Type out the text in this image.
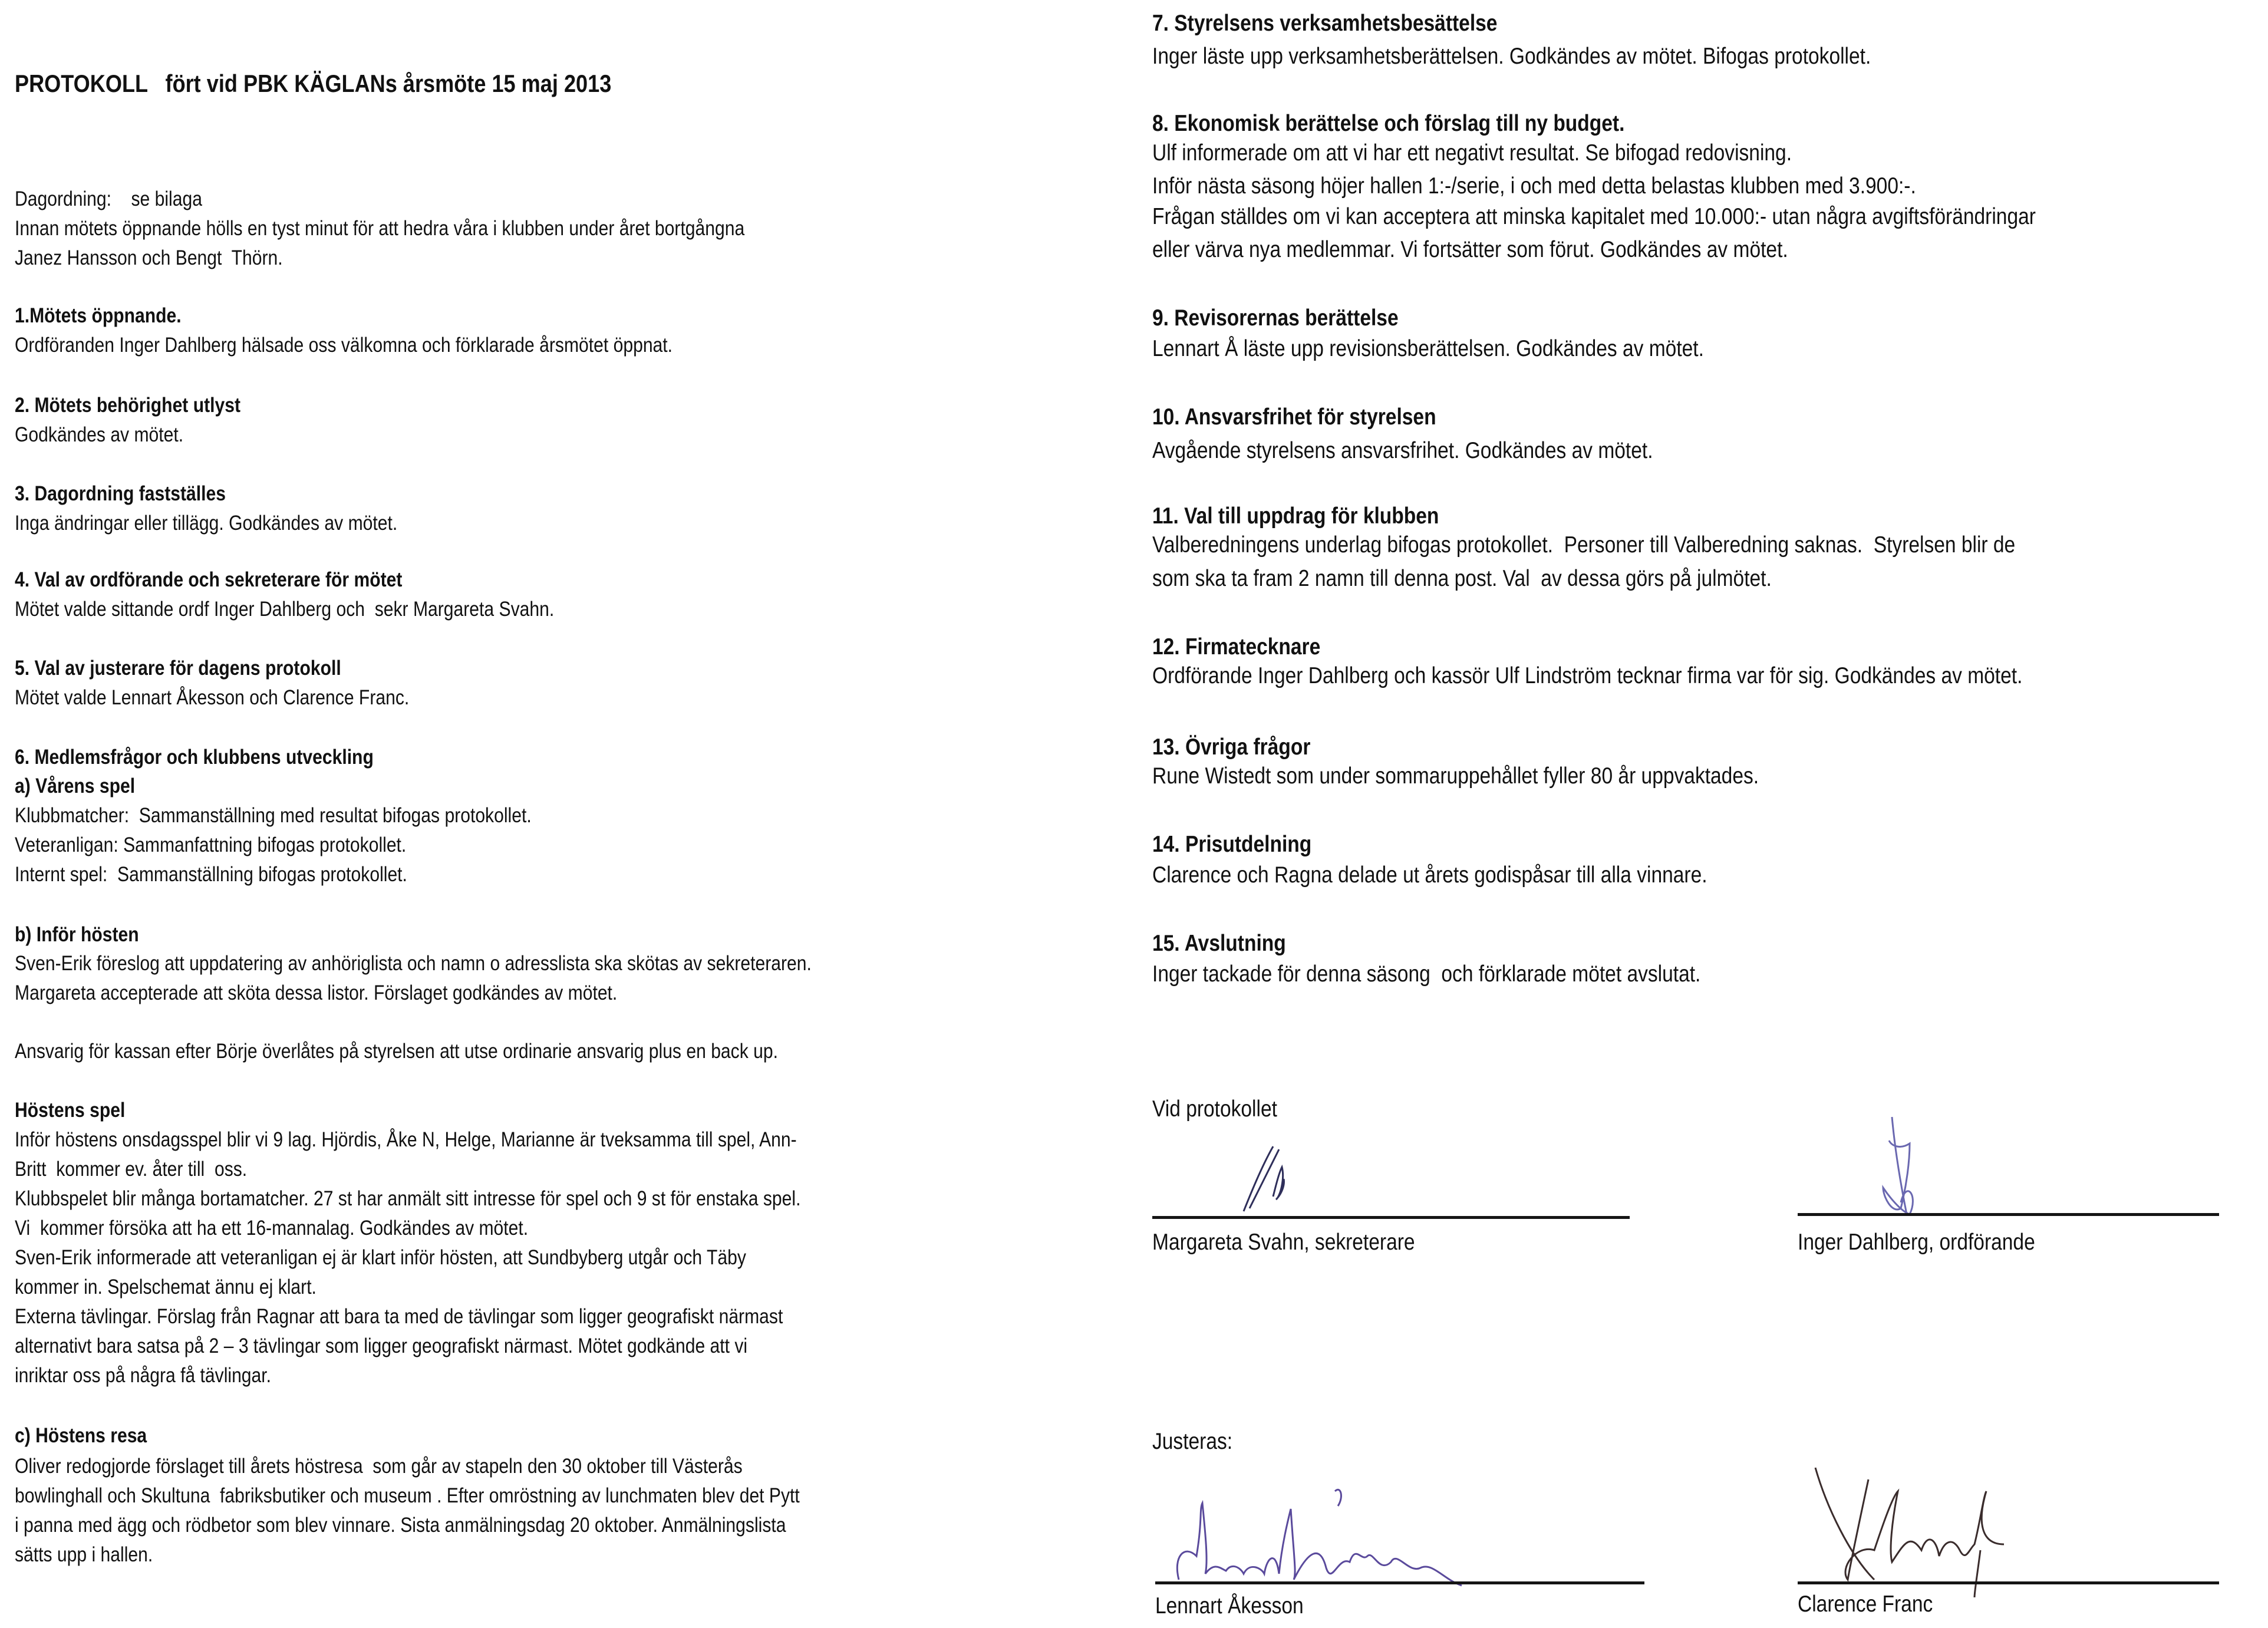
PROTOKOLL   fört vid PBK KÄGLANs årsmöte 15 maj 2013
Dagordning:    se bilaga
Innan mötets öppnande hölls en tyst minut för att hedra våra i klubben under året bortgångna
Janez Hansson och Bengt  Thörn.
1.Mötets öppnande.
Ordföranden Inger Dahlberg hälsade oss välkomna och förklarade årsmötet öppnat.
2. Mötets behörighet utlyst
Godkändes av mötet.
3. Dagordning fastställes
Inga ändringar eller tillägg. Godkändes av mötet.
4. Val av ordförande och sekreterare för mötet
Mötet valde sittande ordf Inger Dahlberg och  sekr Margareta Svahn.
5. Val av justerare för dagens protokoll
Mötet valde Lennart Åkesson och Clarence Franc.
6. Medlemsfrågor och klubbens utveckling
a) Vårens spel
Klubbmatcher:  Sammanställning med resultat bifogas protokollet.
Veteranligan: Sammanfattning bifogas protokollet.
Internt spel:  Sammanställning bifogas protokollet.
b) Inför hösten
Sven-Erik föreslog att uppdatering av anhöriglista och namn o adresslista ska skötas av sekreteraren.
Margareta accepterade att sköta dessa listor. Förslaget godkändes av mötet.
Ansvarig för kassan efter Börje överlåtes på styrelsen att utse ordinarie ansvarig plus en back up.
Höstens spel
Inför höstens onsdagsspel blir vi 9 lag. Hjördis, Åke N, Helge, Marianne är tveksamma till spel, Ann-
Britt  kommer ev. åter till  oss.
Klubbspelet blir många bortamatcher. 27 st har anmält sitt intresse för spel och 9 st för enstaka spel.
Vi  kommer försöka att ha ett 16-mannalag. Godkändes av mötet.
Sven-Erik informerade att veteranligan ej är klart inför hösten, att Sundbyberg utgår och Täby
kommer in. Spelschemat ännu ej klart.
Externa tävlingar. Förslag från Ragnar att bara ta med de tävlingar som ligger geografiskt närmast
alternativt bara satsa på 2 – 3 tävlingar som ligger geografiskt närmast. Mötet godkände att vi
inriktar oss på några få tävlingar.
c) Höstens resa
Oliver redogjorde förslaget till årets höstresa  som går av stapeln den 30 oktober till Västerås
bowlinghall och Skultuna  fabriksbutiker och museum . Efter omröstning av lunchmaten blev det Pytt
i panna med ägg och rödbetor som blev vinnare. Sista anmälningsdag 20 oktober. Anmälningslista
sätts upp i hallen.
7. Styrelsens verksamhetsbesättelse
Inger läste upp verksamhetsberättelsen. Godkändes av mötet. Bifogas protokollet.
8. Ekonomisk berättelse och förslag till ny budget.
Ulf informerade om att vi har ett negativt resultat. Se bifogad redovisning.
Inför nästa säsong höjer hallen 1:-/serie, i och med detta belastas klubben med 3.900:-.
Frågan ställdes om vi kan acceptera att minska kapitalet med 10.000:- utan några avgiftsförändringar
eller värva nya medlemmar. Vi fortsätter som förut. Godkändes av mötet.
9. Revisorernas berättelse
Lennart Å läste upp revisionsberättelsen. Godkändes av mötet.
10. Ansvarsfrihet för styrelsen
Avgående styrelsens ansvarsfrihet. Godkändes av mötet.
11. Val till uppdrag för klubben
Valberedningens underlag bifogas protokollet.  Personer till Valberedning saknas.  Styrelsen blir de
som ska ta fram 2 namn till denna post. Val  av dessa görs på julmötet.
12. Firmatecknare
Ordförande Inger Dahlberg och kassör Ulf Lindström tecknar firma var för sig. Godkändes av mötet.
13. Övriga frågor
Rune Wistedt som under sommaruppehållet fyller 80 år uppvaktades.
14. Prisutdelning
Clarence och Ragna delade ut årets godispåsar till alla vinnare.
15. Avslutning
Inger tackade för denna säsong  och förklarade mötet avslutat.
Vid protokollet
Margareta Svahn, sekreterare	Inger Dahlberg, ordförande
Justeras:
Lennart Åkesson	Clarence Franc
